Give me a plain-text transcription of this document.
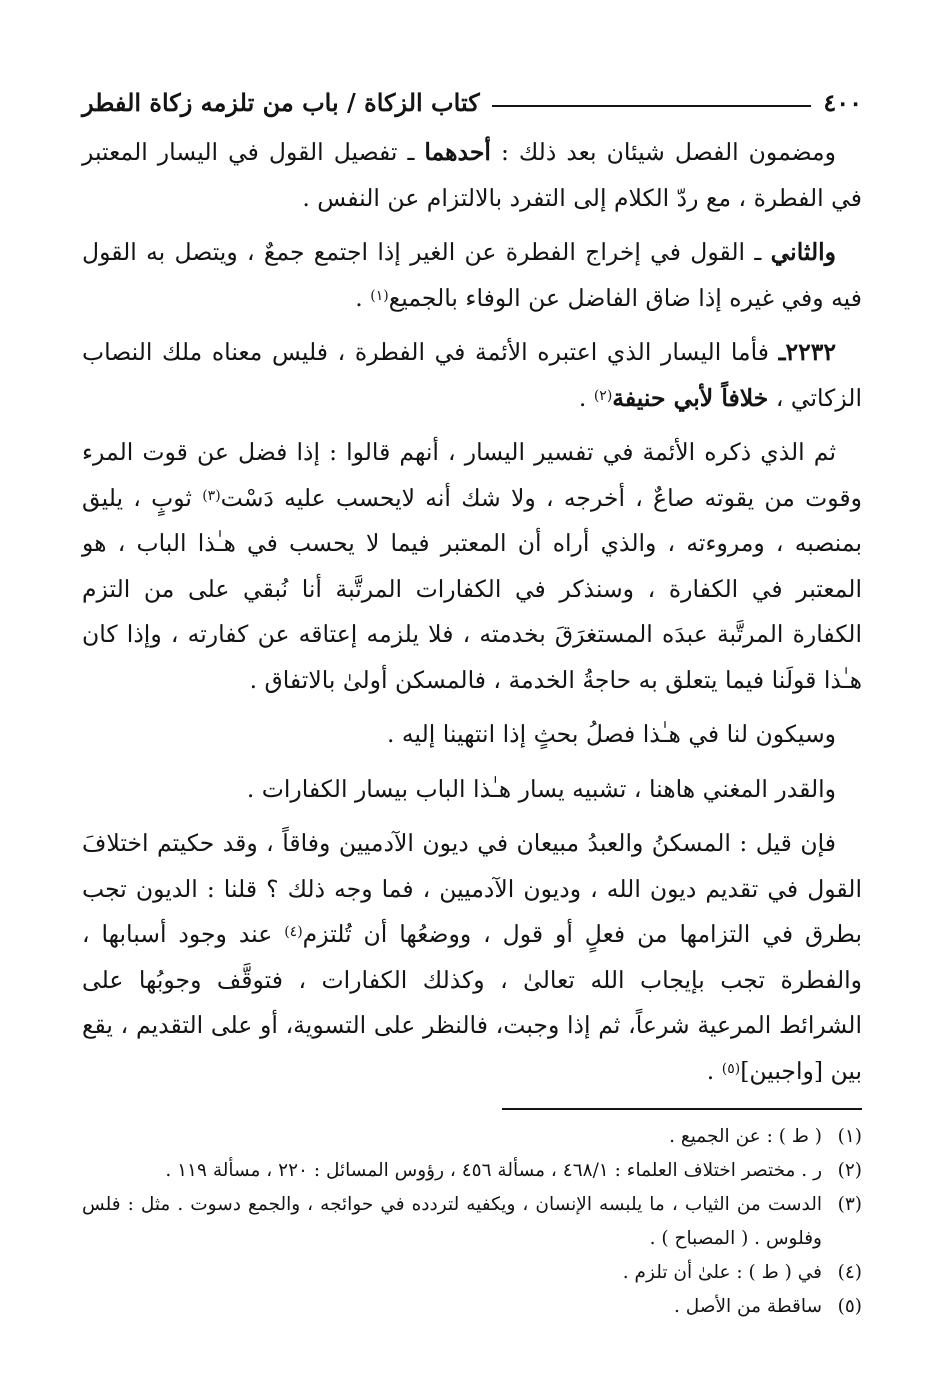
٤٠٠
كتاب الزكاة / باب من تلزمه زكاة الفطر

ومضمون الفصل شيئان بعد ذلك : أحدهما ـ تفصيل القول في اليسار المعتبر في الفطرة ، مع ردّ الكلام إلى التفرد بالالتزام عن النفس .

والثاني ـ القول في إخراج الفطرة عن الغير إذا اجتمع جمعٌ ، ويتصل به القول فيه وفي غيره إذا ضاق الفاضل عن الوفاء بالجميع$^{(١)}$ .

٢٢٣٢ـ فأما اليسار الذي اعتبره الأئمة في الفطرة ، فليس معناه ملك النصاب الزكاتي ، خلافاً لأبي حنيفة$^{(٢)}$ .

ثم الذي ذكره الأئمة في تفسير اليسار ، أنهم قالوا : إذا فضل عن قوت المرء وقوت من يقوته صاعٌ ، أخرجه ، ولا شك أنه لايحسب عليه دَسْت$^{(٣)}$ ثوبٍ ، يليق بمنصبه ، ومروءته ، والذي أراه أن المعتبر فيما لا يحسب في هـٰذا الباب ، هو المعتبر في الكفارة ، وسنذكر في الكفارات المرتَّبة أنا نُبقي على من التزم الكفارة المرتَّبة عبدَه المستغرَقَ بخدمته ، فلا يلزمه إعتاقه عن كفارته ، وإذا كان هـٰذا قولَنا فيما يتعلق به حاجةُ الخدمة ، فالمسكن أولىٰ بالاتفاق .

وسيكون لنا في هـٰذا فصلُ بحثٍ إذا انتهينا إليه .

والقدر المغني هاهنا ، تشبيه يسار هـٰذا الباب بيسار الكفارات .

فإن قيل : المسكنُ والعبدُ مبيعان في ديون الآدميين وفاقاً ، وقد حكيتم اختلافَ القول في تقديم ديون الله ، وديون الآدميين ، فما وجه ذلك ؟ قلنا : الديون تجب بطرق في التزامها من فعلٍ أو قول ، ووضعُها أن تُلتزم$^{(٤)}$ عند وجود أسبابها ، والفطرة تجب بإيجاب الله تعالىٰ ، وكذلك الكفارات ، فتوقَّف وجوبُها على الشرائط المرعية شرعاً، ثم إذا وجبت، فالنظر على التسوية، أو على التقديم ، يقع بين [واجبين]$^{(٥)}$ .

(١)
( ط ) : عن الجميع .
(٢)
ر . مختصر اختلاف العلماء : ٤٦٨/١ ، مسألة ٤٥٦ ، رؤوس المسائل : ٢٢٠ ، مسألة ١١٩ .
(٣)
الدست من الثياب ، ما يلبسه الإنسان ، ويكفيه لتردده في حوائجه ، والجمع دسوت . مثل : فلس وفلوس . ( المصباح ) .
(٤)
في ( ط ) : علىٰ أن تلزم .
(٥)
ساقطة من الأصل .
